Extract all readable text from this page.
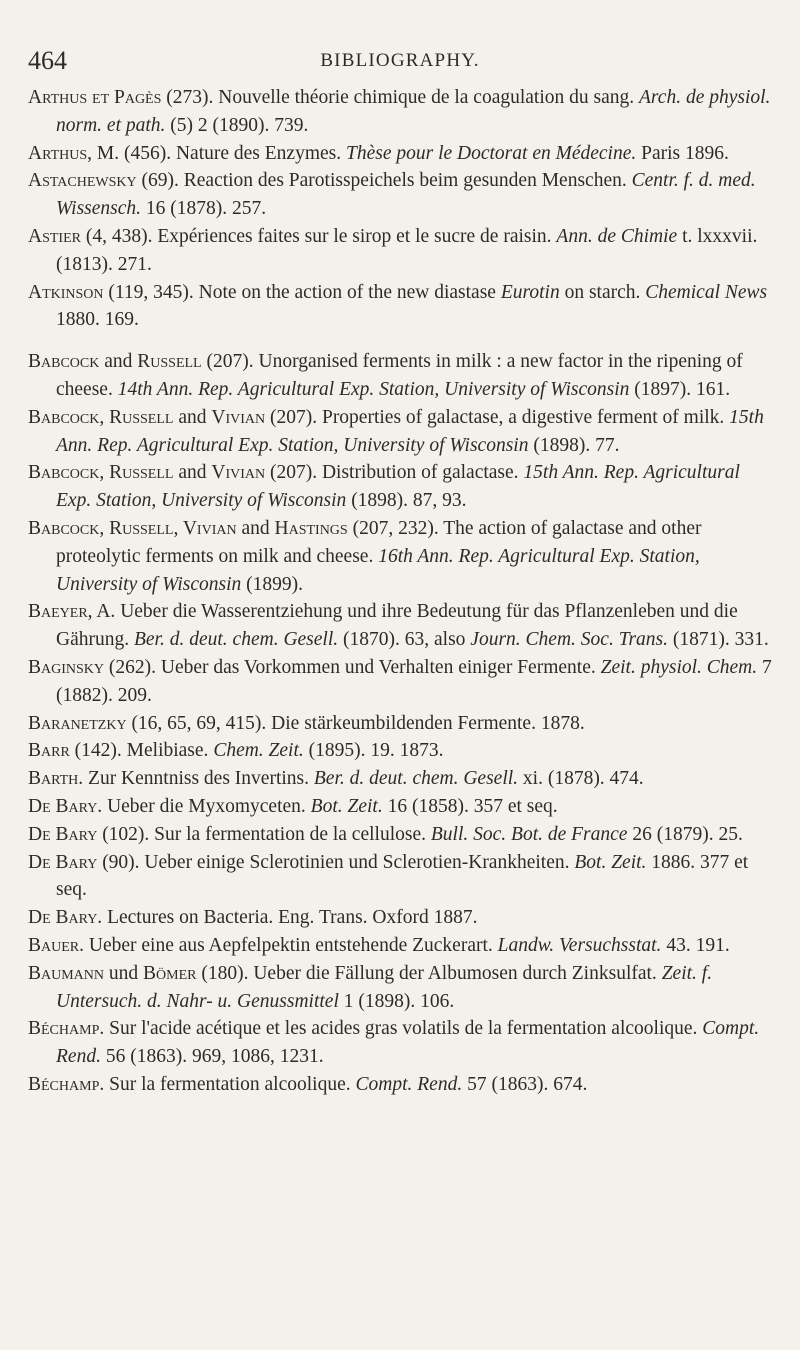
464	BIBLIOGRAPHY.
Arthus et Pagès (273). Nouvelle théorie chimique de la coagulation du sang. Arch. de physiol. norm. et path. (5) 2 (1890). 739.
Arthus, M. (456). Nature des Enzymes. Thèse pour le Doctorat en Médecine. Paris 1896.
Astachewsky (69). Reaction des Parotisspeichels beim gesunden Menschen. Centr. f. d. med. Wissensch. 16 (1878). 257.
Astier (4, 438). Expériences faites sur le sirop et le sucre de raisin. Ann. de Chimie t. lxxxvii. (1813). 271.
Atkinson (119, 345). Note on the action of the new diastase Eurotin on starch. Chemical News 1880. 169.
Babcock and Russell (207). Unorganised ferments in milk : a new factor in the ripening of cheese. 14th Ann. Rep. Agricultural Exp. Station, University of Wisconsin (1897). 161.
Babcock, Russell and Vivian (207). Properties of galactase, a digestive ferment of milk. 15th Ann. Rep. Agricultural Exp. Station, University of Wisconsin (1898). 77.
Babcock, Russell and Vivian (207). Distribution of galactase. 15th Ann. Rep. Agricultural Exp. Station, University of Wisconsin (1898). 87, 93.
Babcock, Russell, Vivian and Hastings (207, 232). The action of galactase and other proteolytic ferments on milk and cheese. 16th Ann. Rep. Agricultural Exp. Station, University of Wisconsin (1899).
Baeyer, A. Ueber die Wasserentziehung und ihre Bedeutung für das Pflanzenleben und die Gährung. Ber. d. deut. chem. Gesell. (1870). 63, also Journ. Chem. Soc. Trans. (1871). 331.
Baginsky (262). Ueber das Vorkommen und Verhalten einiger Fermente. Zeit. physiol. Chem. 7 (1882). 209.
Baranetzky (16, 65, 69, 415). Die stärkeumbildenden Fermente. 1878.
Barr (142). Melibiase. Chem. Zeit. (1895). 19. 1873.
Barth. Zur Kenntniss des Invertins. Ber. d. deut. chem. Gesell. xi. (1878). 474.
De Bary. Ueber die Myxomyceten. Bot. Zeit. 16 (1858). 357 et seq.
De Bary (102). Sur la fermentation de la cellulose. Bull. Soc. Bot. de France 26 (1879). 25.
De Bary (90). Ueber einige Sclerotinien und Sclerotien-Krankheiten. Bot. Zeit. 1886. 377 et seq.
De Bary. Lectures on Bacteria. Eng. Trans. Oxford 1887.
Bauer. Ueber eine aus Aepfelpektin entstehende Zuckerart. Landw. Versuchsstat. 43. 191.
Baumann und Bömer (180). Ueber die Fällung der Albumosen durch Zinksulfat. Zeit. f. Untersuch. d. Nahr- u. Genussmittel 1 (1898). 106.
Béchamp. Sur l'acide acétique et les acides gras volatils de la fermentation alcoolique. Compt. Rend. 56 (1863). 969, 1086, 1231.
Béchamp. Sur la fermentation alcoolique. Compt. Rend. 57 (1863). 674.
